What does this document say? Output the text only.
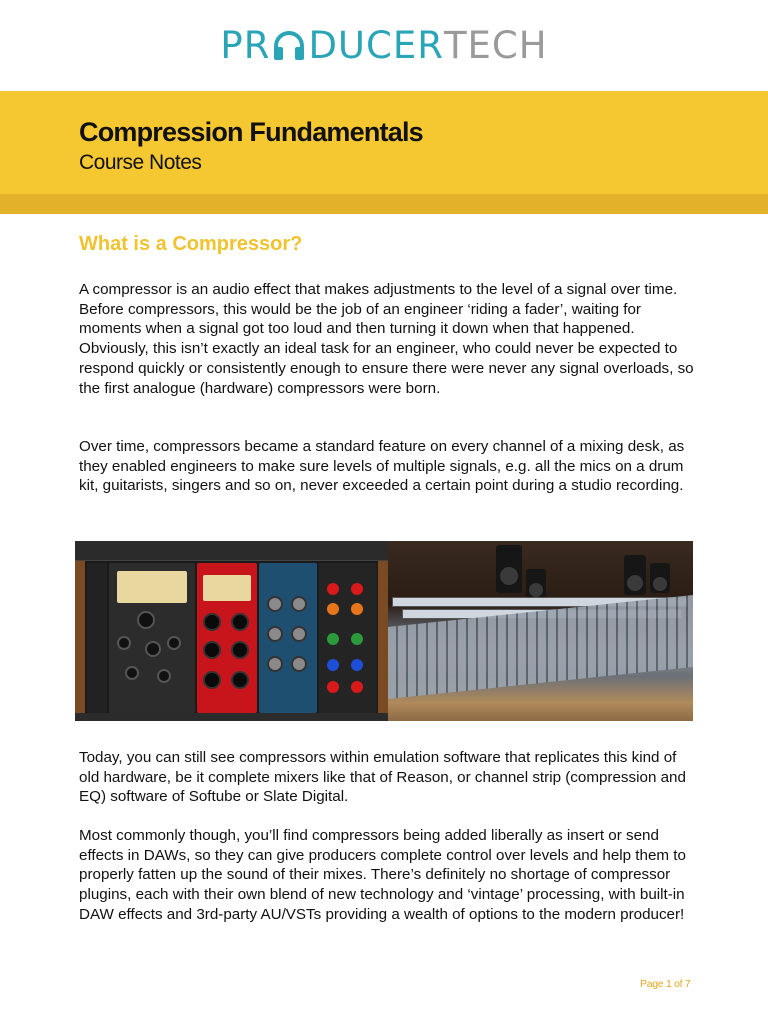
PR DUCER TECH
Compression Fundamentals
Course Notes
What is a Compressor?

A compressor is an audio effect that makes adjustments to the level of a signal over time. Before compressors, this would be the job of an engineer ‘riding a fader’, waiting for moments when a signal got too loud and then turning it down when that happened. Obviously, this isn’t exactly an ideal task for an engineer, who could never be expected to respond quickly or consistently enough to ensure there were never any signal overloads, so the first analogue (hardware) compressors were born.

Over time, compressors became a standard feature on every channel of a mixing desk, as they enabled engineers to make sure levels of multiple signals, e.g. all the mics on a drum kit, guitarists, singers and so on, never exceeded a certain point during a studio recording.

Today, you can still see compressors within emulation software that replicates this kind of old hardware, be it complete mixers like that of Reason, or channel strip (compression and EQ) software of Softube or Slate Digital.

Most commonly though, you’ll find compressors being added liberally as insert or send effects in DAWs, so they can give producers complete control over levels and help them to properly fatten up the sound of their mixes. There’s definitely no shortage of compressor plugins, each with their own blend of new technology and ‘vintage’ processing, with built-in DAW effects and 3rd-party AU/VSTs providing a wealth of options to the modern producer!

Page 1 of 7
